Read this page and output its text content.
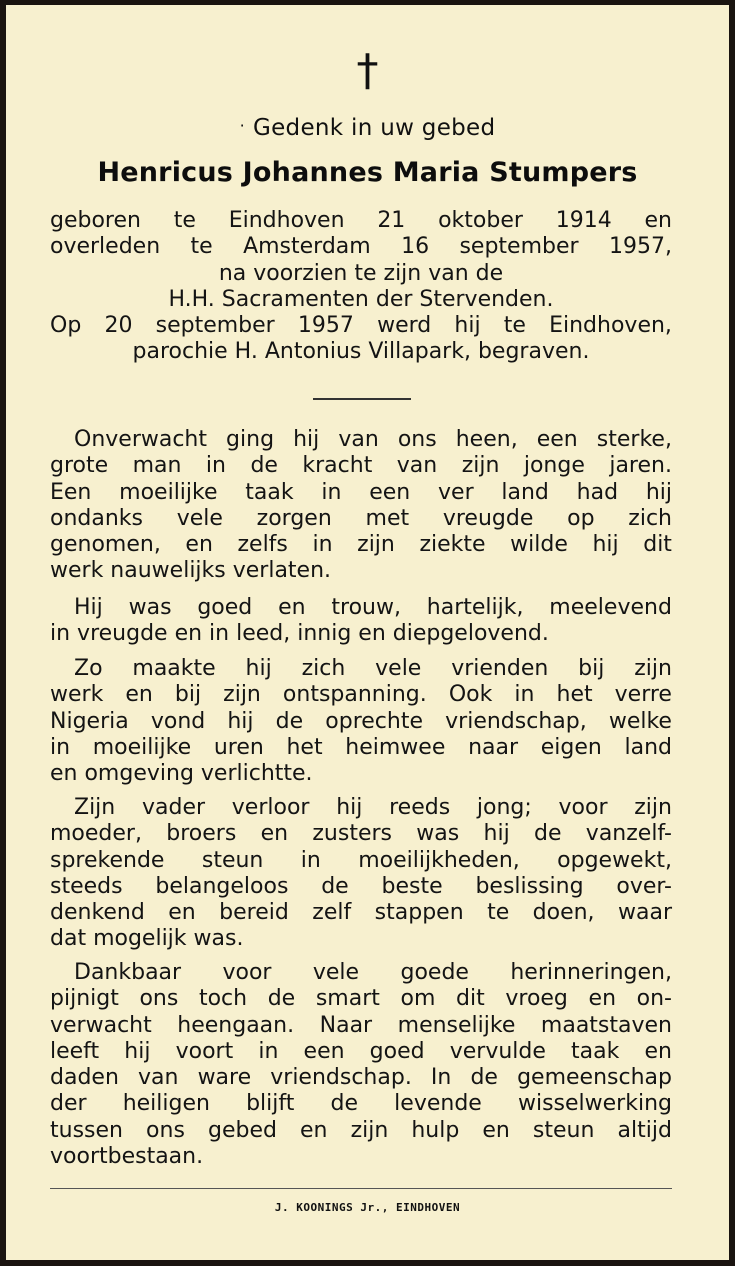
†
· Gedenk in uw gebed
Henricus Johannes Maria Stumpers
geboren te Eindhoven 21 oktober 1914 en
overleden te Amsterdam 16 september 1957,
na voorzien te zijn van de
H.H. Sacramenten der Stervenden.
Op 20 september 1957 werd hij te Eindhoven,
parochie H. Antonius Villapark, begraven.
Onverwacht ging hij van ons heen, een sterke,
grote man in de kracht van zijn jonge jaren.
Een moeilijke taak in een ver land had hij
ondanks vele zorgen met vreugde op zich
genomen, en zelfs in zijn ziekte wilde hij dit
werk nauwelijks verlaten.
Hij was goed en trouw, hartelijk, meelevend
in vreugde en in leed, innig en diepgelovend.
Zo maakte hij zich vele vrienden bij zijn
werk en bij zijn ontspanning. Ook in het verre
Nigeria vond hij de oprechte vriendschap, welke
in moeilijke uren het heimwee naar eigen land
en omgeving verlichtte.
Zijn vader verloor hij reeds jong; voor zijn
moeder, broers en zusters was hij de vanzelf-
sprekende steun in moeilijkheden, opgewekt,
steeds belangeloos de beste beslissing over-
denkend en bereid zelf stappen te doen, waar
dat mogelijk was.
Dankbaar voor vele goede herinneringen,
pijnigt ons toch de smart om dit vroeg en on-
verwacht heengaan. Naar menselijke maatstaven
leeft hij voort in een goed vervulde taak en
daden van ware vriendschap. In de gemeenschap
der heiligen blijft de levende wisselwerking
tussen ons gebed en zijn hulp en steun altijd
voortbestaan.
J. KOONINGS Jr., EINDHOVEN
